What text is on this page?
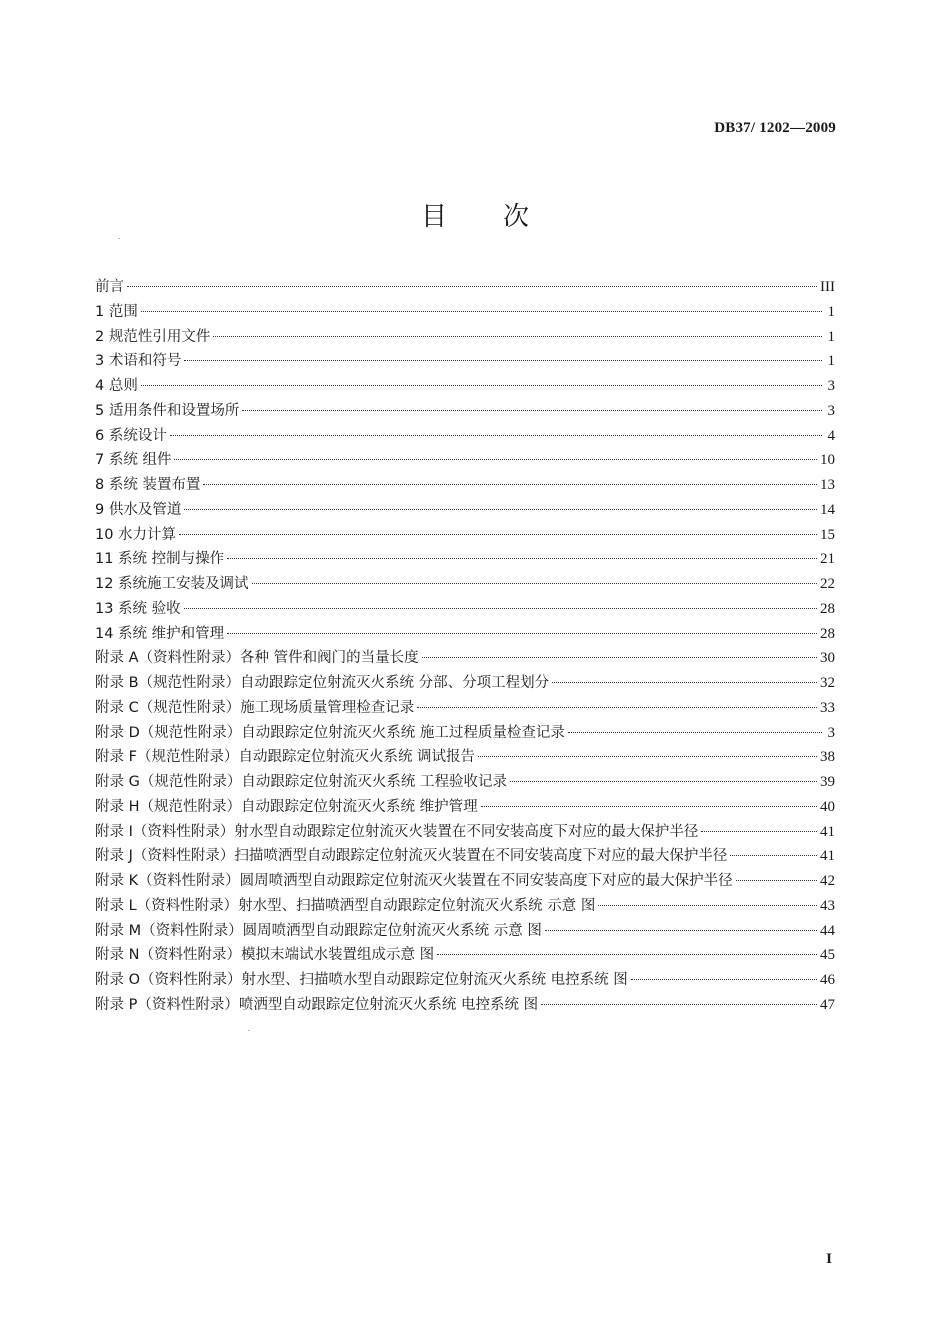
DB37/ 1202—2009
目次
前言	III
1 范围	1
2 规范性引用文件	1
3 术语和符号	1
4 总则	3
5 适用条件和设置场所	3
6 系统设计	4
7 系统 组件	10
8 系统 装置布置	13
9 供水及管道	14
10 水力计算	15
11 系统 控制与操作	21
12 系统施工安装及调试	22
13 系统 验收	28
14 系统 维护和管理	28
附录 A（资料性附录）各种 管件和阀门的当量长度	30
附录 B（规范性附录）自动跟踪定位射流灭火系统 分部、分项工程划分	32
附录 C（规范性附录）施工现场质量管理检查记录	33
附录 D（规范性附录）自动跟踪定位射流灭火系统 施工过程质量检查记录	3
附录 F（规范性附录）自动跟踪定位射流灭火系统 调试报告	38
附录 G（规范性附录）自动跟踪定位射流灭火系统 工程验收记录	39
附录 H（规范性附录）自动跟踪定位射流灭火系统 维护管理	40
附录 I（资料性附录）射水型自动跟踪定位射流灭火装置在不同安装高度下对应的最大保护半径	41
附录 J（资料性附录）扫描喷洒型自动跟踪定位射流灭火装置在不同安装高度下对应的最大保护半径	41
附录 K（资料性附录）圆周喷洒型自动跟踪定位射流灭火装置在不同安装高度下对应的最大保护半径	42
附录 L（资料性附录）射水型、扫描喷洒型自动跟踪定位射流灭火系统 示意 图	43
附录 M（资料性附录）圆周喷洒型自动跟踪定位射流灭火系统 示意 图	44
附录 N（资料性附录）模拟末端试水装置组成示意 图	45
附录 O（资料性附录）射水型、扫描喷水型自动跟踪定位射流灭火系统 电控系统 图	46
附录 P（资料性附录）喷洒型自动跟踪定位射流灭火系统 电控系统 图	47
I
